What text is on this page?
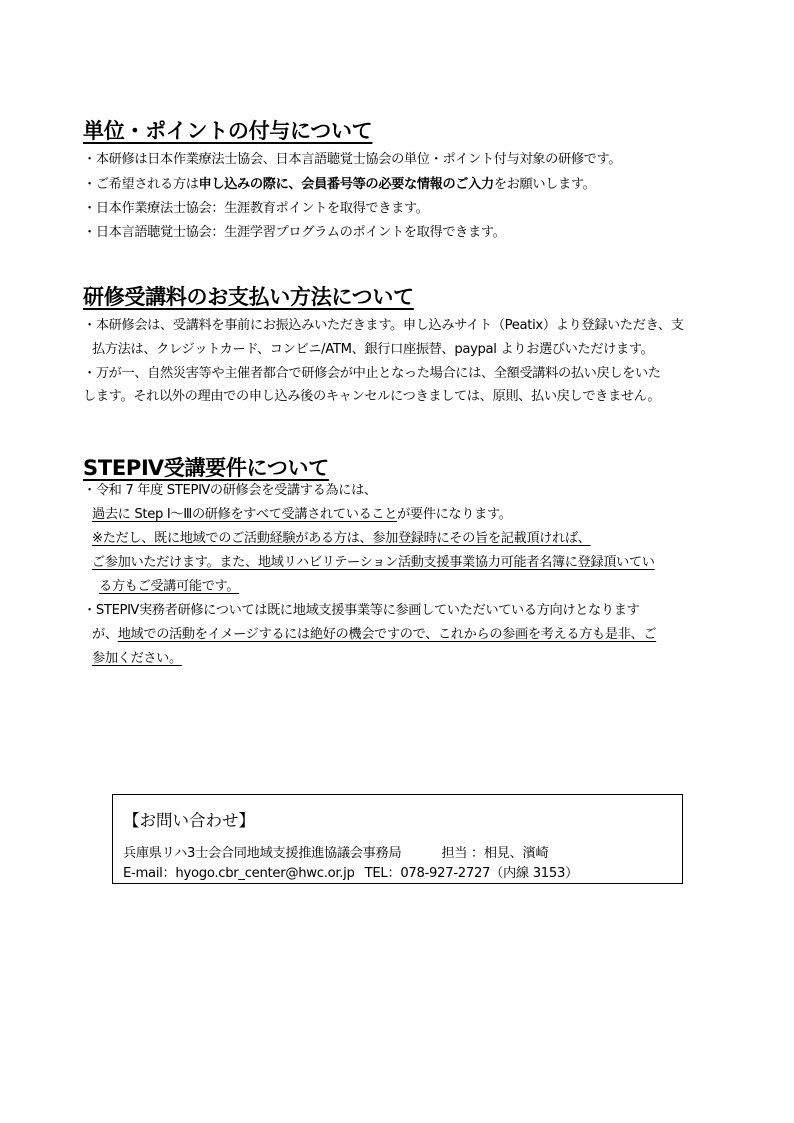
単位・ポイントの付与について
・本研修は日本作業療法士協会、日本言語聴覚士協会の単位・ポイント付与対象の研修です。
・ご希望される方は申し込みの際に、会員番号等の必要な情報のご入力をお願いします。
・日本作業療法士協会：生涯教育ポイントを取得できます。
・日本言語聴覚士協会：生涯学習プログラムのポイントを取得できます。
研修受講料のお支払い方法について
・本研修会は、受講料を事前にお振込みいただきます。申し込みサイト（Peatix）より登録いただき、支
払方法は、クレジットカード、コンビニ/ATM、銀行口座振替、paypal よりお選びいただけます。
・万が一、自然災害等や主催者都合で研修会が中止となった場合には、全額受講料の払い戻しをいた
します。それ以外の理由での申し込み後のキャンセルにつきましては、原則、払い戻しできません。
STEPⅣ受講要件について
・令和 7 年度 STEPⅣの研修会を受講する為には、
過去に Step Ⅰ～Ⅲの研修をすべて受講されていることが要件になります。
※ただし、既に地域でのご活動経験がある方は、参加登録時にその旨を記載頂ければ、
ご参加いただけます。また、地域リハビリテーション活動支援事業協力可能者名簿に登録頂いてい
る方もご受講可能です。
・STEPⅣ実務者研修については既に地域支援事業等に参画していただいている方向けとなります
が、地域での活動をイメージするには絶好の機会ですので、これからの参画を考える方も是非、ご
参加ください。
【お問い合わせ】
兵庫県リハ3士会合同地域支援推進協議会事務局	担当 ：相見、濱崎
E-mail：hyogo.cbr_center@hwc.or.jp TEL：078-927-2727（内線 3153）
